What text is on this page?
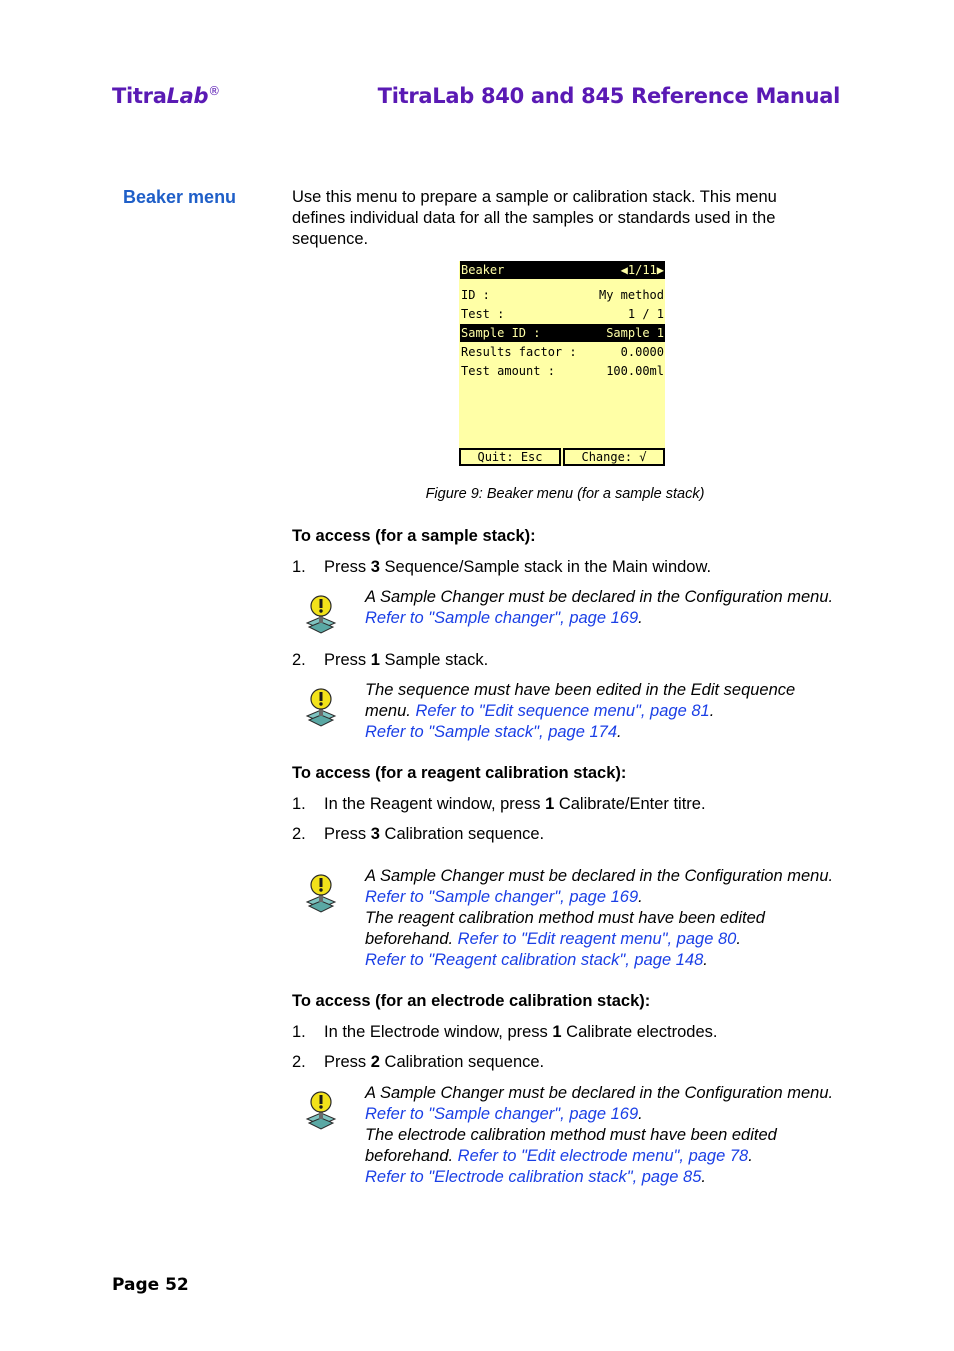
TitraLab®	TitraLab 840 and 845 Reference Manual
Beaker menu	Use this menu to prepare a sample or calibration stack. This menu defines individual data for all the samples or standards used in the sequence.
Beaker	◀1/11▶
ID :	My method
Test :	1 / 1
Sample ID :	Sample 1
Results factor :	0.0000
Test amount :	100.00ml
Quit: Esc	Change: √
Figure 9: Beaker menu (for a sample stack)
To access (for a sample stack):
1. Press 3 Sequence/Sample stack in the Main window.
A Sample Changer must be declared in the Configuration menu. Refer to "Sample changer", page 169.
2. Press 1 Sample stack.
The sequence must have been edited in the Edit sequence menu. Refer to "Edit sequence menu", page 81.
Refer to "Sample stack", page 174.
To access (for a reagent calibration stack):
1. In the Reagent window, press 1 Calibrate/Enter titre.
2. Press 3 Calibration sequence.
A Sample Changer must be declared in the Configuration menu. Refer to "Sample changer", page 169.
The reagent calibration method must have been edited beforehand. Refer to "Edit reagent menu", page 80.
Refer to "Reagent calibration stack", page 148.
To access (for an electrode calibration stack):
1. In the Electrode window, press 1 Calibrate electrodes.
2. Press 2 Calibration sequence.
A Sample Changer must be declared in the Configuration menu. Refer to "Sample changer", page 169.
The electrode calibration method must have been edited beforehand. Refer to "Edit electrode menu", page 78.
Refer to "Electrode calibration stack", page 85.
Page 52
